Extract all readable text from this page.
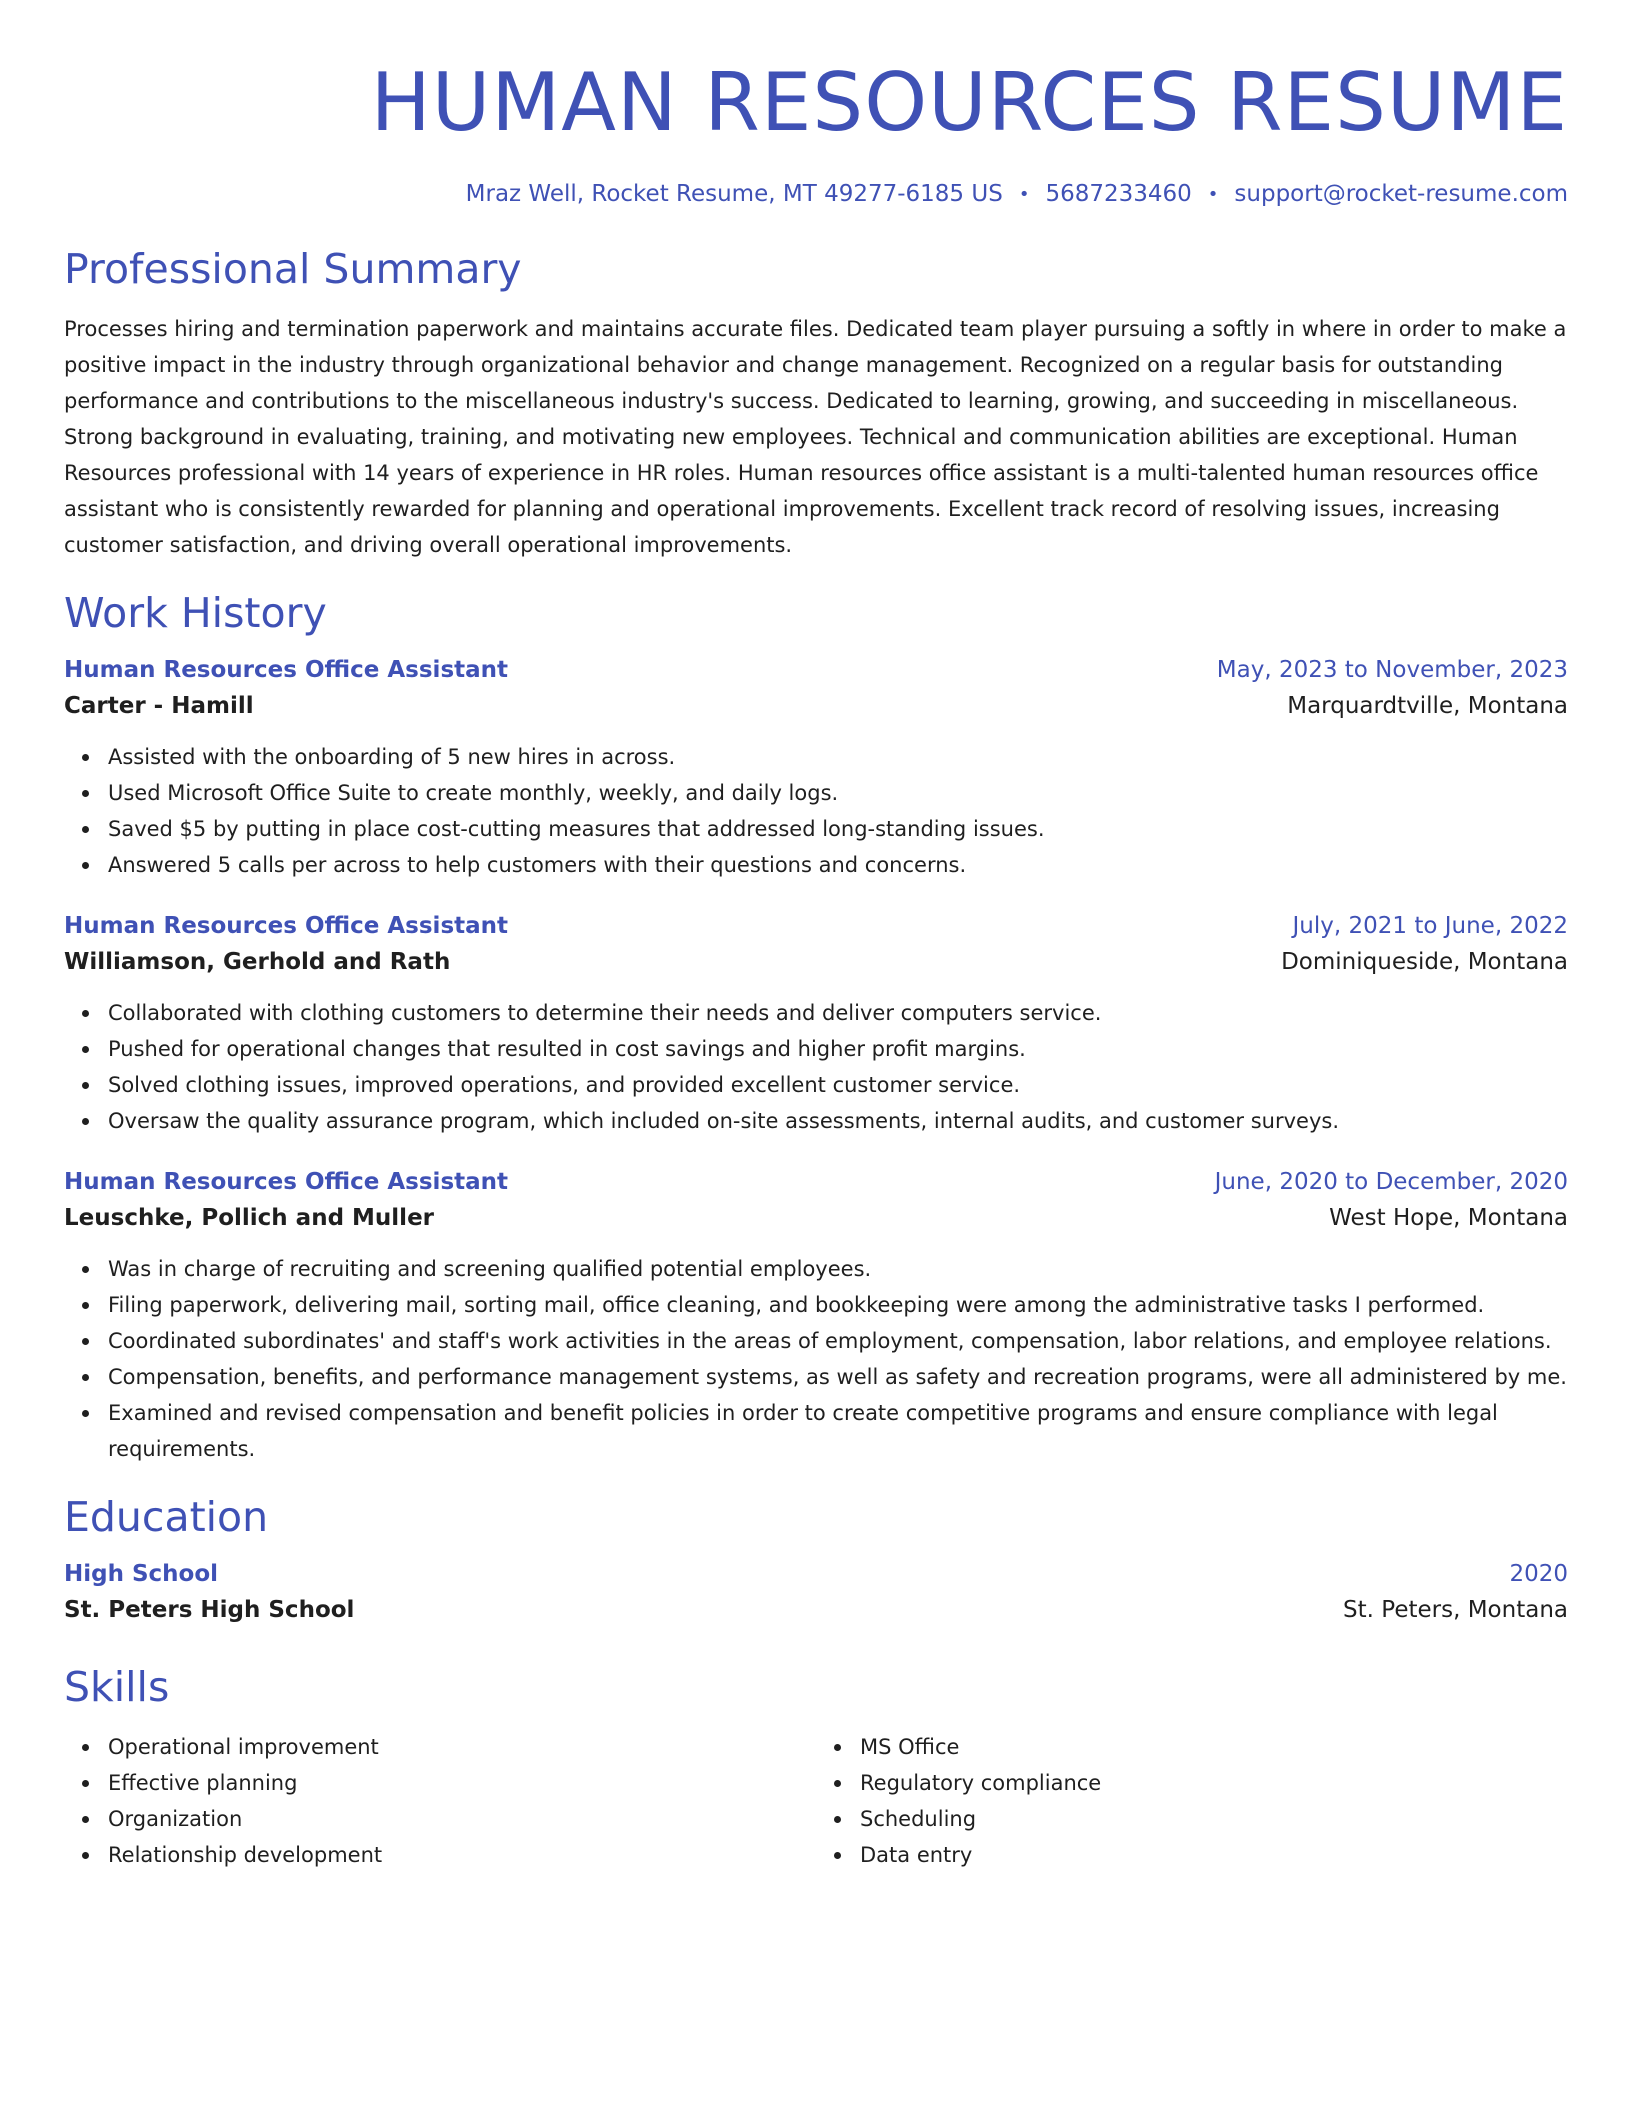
HUMAN RESOURCES RESUME
Mraz Well, Rocket Resume, MT 49277-6185 US • 5687233460 • support@rocket-resume.com
Professional Summary
Processes hiring and termination paperwork and maintains accurate files. Dedicated team player pursuing a softly in where in order to make a positive impact in the industry through organizational behavior and change management. Recognized on a regular basis for outstanding performance and contributions to the miscellaneous industry's success. Dedicated to learning, growing, and succeeding in miscellaneous. Strong background in evaluating, training, and motivating new employees. Technical and communication abilities are exceptional. Human Resources professional with 14 years of experience in HR roles. Human resources office assistant is a multi-talented human resources office assistant who is consistently rewarded for planning and operational improvements. Excellent track record of resolving issues, increasing customer satisfaction, and driving overall operational improvements.
Work History
Human Resources Office Assistant	May, 2023 to November, 2023
Carter - Hamill	Marquardtville, Montana
Assisted with the onboarding of 5 new hires in across.
Used Microsoft Office Suite to create monthly, weekly, and daily logs.
Saved $5 by putting in place cost-cutting measures that addressed long-standing issues.
Answered 5 calls per across to help customers with their questions and concerns.
Human Resources Office Assistant	July, 2021 to June, 2022
Williamson, Gerhold and Rath	Dominiqueside, Montana
Collaborated with clothing customers to determine their needs and deliver computers service.
Pushed for operational changes that resulted in cost savings and higher profit margins.
Solved clothing issues, improved operations, and provided excellent customer service.
Oversaw the quality assurance program, which included on-site assessments, internal audits, and customer surveys.
Human Resources Office Assistant	June, 2020 to December, 2020
Leuschke, Pollich and Muller	West Hope, Montana
Was in charge of recruiting and screening qualified potential employees.
Filing paperwork, delivering mail, sorting mail, office cleaning, and bookkeeping were among the administrative tasks I performed.
Coordinated subordinates' and staff's work activities in the areas of employment, compensation, labor relations, and employee relations.
Compensation, benefits, and performance management systems, as well as safety and recreation programs, were all administered by me.
Examined and revised compensation and benefit policies in order to create competitive programs and ensure compliance with legal requirements.
Education
High School	2020
St. Peters High School	St. Peters, Montana
Skills
Operational improvement
Effective planning
Organization
Relationship development
MS Office
Regulatory compliance
Scheduling
Data entry
